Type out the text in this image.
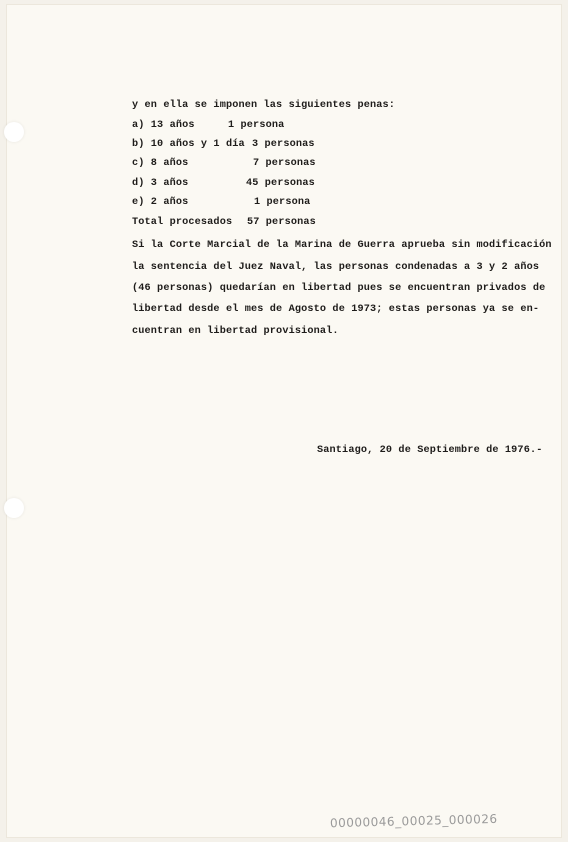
y en ella se imponen las siguientes penas:
a) 13 años	1 persona
b) 10 años y 1 día 3 personas
c) 8 años	7 personas
d) 3 años	45 personas
e) 2 años	1 persona
Total procesados 57 personas
Si la Corte Marcial de la Marina de Guerra aprueba sin modificación
la sentencia del Juez Naval, las personas condenadas a 3 y 2 años
(46 personas) quedarían en libertad pues se encuentran privados de
libertad desde el mes de Agosto de 1973; estas personas ya se en-
cuentran en libertad provisional.
Santiago, 20 de Septiembre de 1976.-
00000046_00025_000026
